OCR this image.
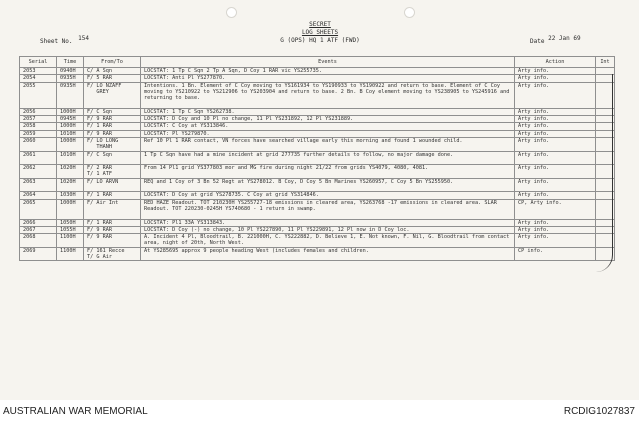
Sheet No. 154
SECRET
LOG SHEETS
G (OPS) HQ 1 ATF (FWD)	Date 22 Jan 69
Serial	Time	From/To	Events	Action	Int
2053	0940H	C/ A Sqn	LOCSTAT: 1 Tp C Sqn 2 Tp A Sqn, D Coy 1 RAR vic YS255735.	Arty info.	
2054	0935H	F/ 5 RAR	LOCSTAT: Anti Pl YS277870.	Arty info.	
2055	0935H	F/ LO NZAFF
GREY	Intentions. 1 Bn. Element of C Coy moving to YS161934 to YS190933 to YS190922 and return to base. Element of C Coy moving to YS210922 to YS212906 to YS203904 and return to base. 2 Bn. B Coy element moving to YS238905 to YS245916 and returning to base.	Arty info.	
2056	1000H	F/ C Sqn	LOCSTAT: 1 Tp C Sqn YS262738.	Arty info.	
2057	0945H	F/ 9 RAR	LOCSTAT: D Coy and 10 Pl no change, 11 Pl YS231892, 12 Pl YS231889.	Arty info.	
2058	1000H	F/ 1 RAR	LOCSTAT: C Coy at YS313846.	Arty info.	
2059	1010H	F/ 9 RAR	LOCSTAT: Pl YS279870.	Arty info.	
2060	1000H	F/ LO LONG
THANH	Ref 10 Pl 1 RAR contact, VN forces have searched village early this morning and found 1 wounded child.	Arty info.	
2061	1010H	F/ C Sqn	1 Tp C Sqn have had a mine incident at grid 277735 further details to follow, no major damage done.	Arty info.	
2062	1020H	F/ 2 RAR
T/ 1 ATF	From 14 Pl1 grid YS377803 mor and MG fire during night 21/22 from grids YS4079, 4080, 4081.	Arty info.	
2063	1020H	F/ LO ARVN	REQ and 1 Coy of 3 Bn 52 Regt at YS278012. B Coy, D Coy 5 Bn Marines YS260957, C Coy 5 Bn YS255950.	Arty info.	
2064	1030H	F/ 1 RAR	LOCSTAT: D Coy at grid YS278735. C Coy at grid YS314846.	Arty info.	
2065	1000H	F/ Air Int	RED HAZE Readout. TOT 210230H YS255727-18 emissions in cleared area, YS263768 -17 emissions in cleared area. SLAR Readout. TOT 220230-0245H YS740680 - 1 return in swamp.	CP, Arty info.	
2066	1050H	F/ 1 RAR	LOCSTAT: Pl1 33A YS313843.	Arty info.	
2067	1055H	F/ 9 RAR	LOCSTAT: D Coy (-) no change, 10 Pl YS227890, 11 Pl YS229891, 12 Pl now in D Coy loc.	Arty info.	
2068	1100H	F/ 9 RAR	A. Incident 4 Pl, Bloodtrail, B. 221000H, C. YS222882, D. Believe 1, E. Not known, F. Nil, G. Bloodtrail from contact area, night of 20th, North West.	Arty info.	
2069	1100H	F/ 161 Recce
T/ G Air	At YS285695 approx 9 people heading West (includes females and children.	CP info.	
AUSTRALIAN WAR MEMORIAL	RCDIG1027837
